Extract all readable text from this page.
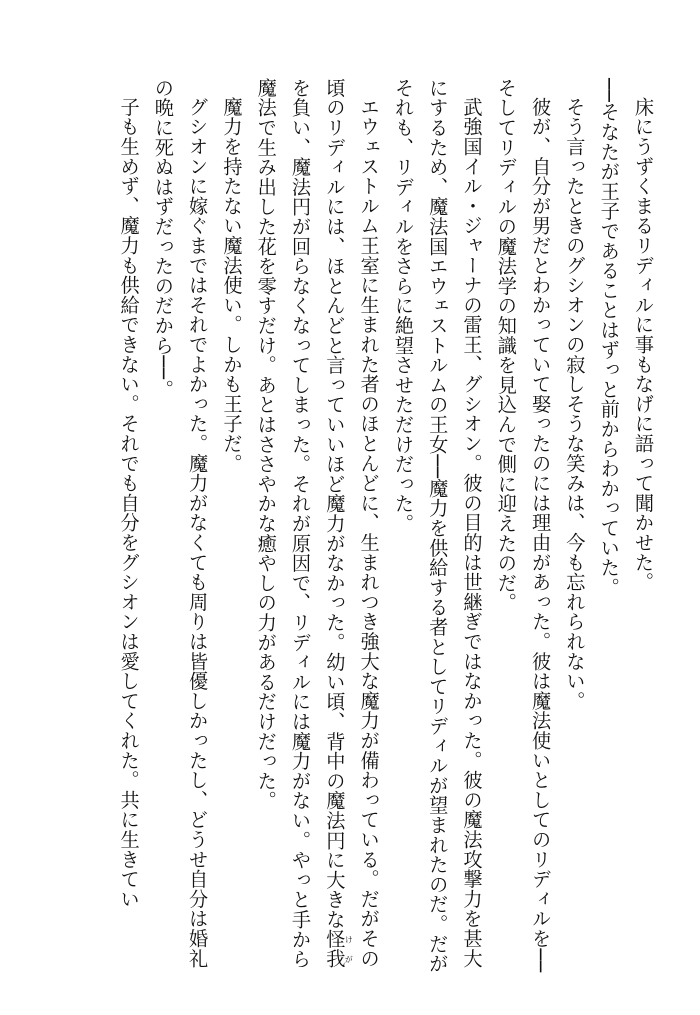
床にうずくまるリディルに事もなげに語って聞かせた。

──そなたが王子であることはずっと前からわかっていた。

そう言ったときのグシオンの寂しそうな笑みは、今も忘れられない。

彼が、自分が男だとわかっていて娶ったのには理由があった。彼は魔法使いとしてのリディルを──そしてリディルの魔法学の知識を見込んで側に迎えたのだ。

武強国イル・ジャーナの雷王、グシオン。彼の目的は世継ぎではなかった。彼の魔法攻撃力を甚大にするため、魔法国エウェストルムの王女──魔力を供給する者としてリディルが望まれたのだ。だがそれも、リディルをさらに絶望させただけだった。

エウェストルム王室に生まれた者のほとんどに、生まれつき強大な魔力が備わっている。だがその頃のリディルには、ほとんどと言っていいほど魔力がなかった。幼い頃、背中の魔法円に大きな怪我けがを負い、魔法円が回らなくなってしまった。それが原因で、リディルには魔力がない。やっと手から魔法で生み出した花を零すだけ。あとはささやかな癒やしの力があるだけだった。

魔力を持たない魔法使い。しかも王子だ。

グシオンに嫁ぐまではそれでよかった。魔力がなくても周りは皆優しかったし、どうせ自分は婚礼の晩に死ぬはずだったのだから──。

子も生めず、魔力も供給できない。それでも自分をグシオンは愛してくれた。共に生きてい
